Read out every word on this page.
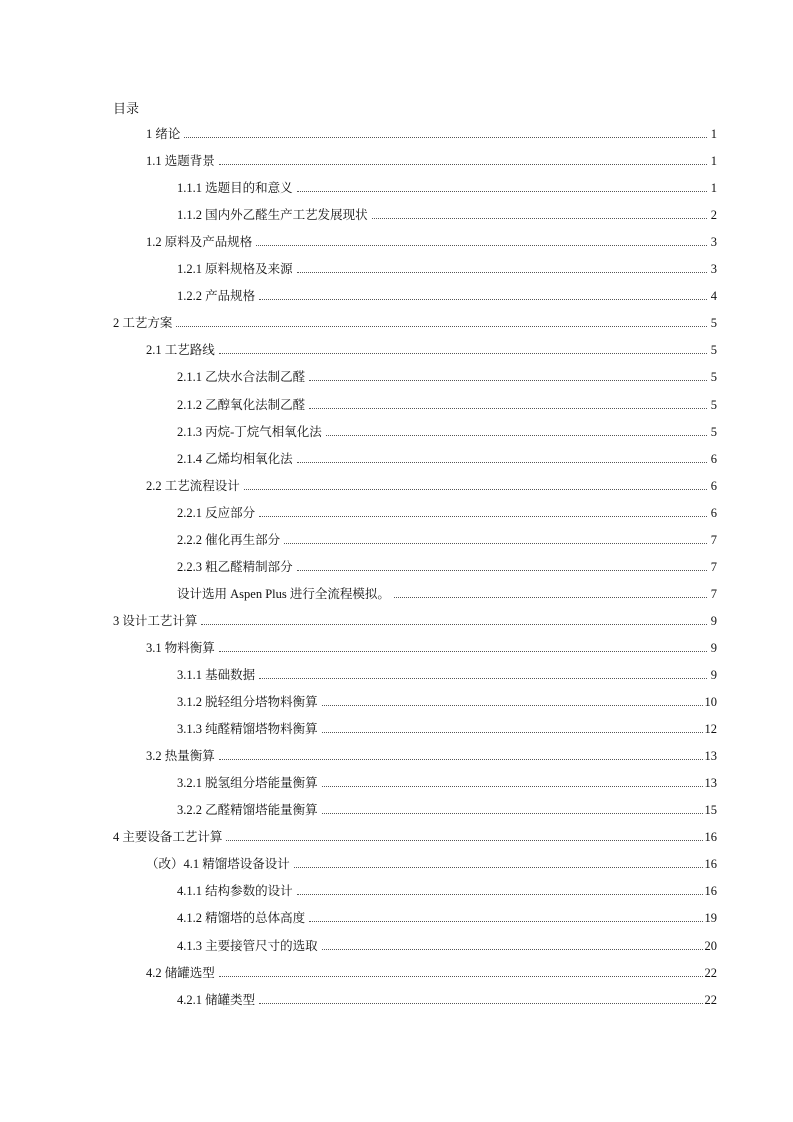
目录
1 绪论	1
1.1 选题背景	1
1.1.1 选题目的和意义	1
1.1.2 国内外乙醛生产工艺发展现状	2
1.2 原料及产品规格	3
1.2.1 原料规格及来源	3
1.2.2 产品规格	4
2 工艺方案	5
2.1 工艺路线	5
2.1.1 乙炔水合法制乙醛	5
2.1.2 乙醇氧化法制乙醛	5
2.1.3 丙烷-丁烷气相氧化法	5
2.1.4 乙烯均相氧化法	6
2.2 工艺流程设计	6
2.2.1 反应部分	6
2.2.2 催化再生部分	7
2.2.3 粗乙醛精制部分	7
设计选用 Aspen Plus 进行全流程模拟。	7
3 设计工艺计算	9
3.1 物料衡算	9
3.1.1 基础数据	9
3.1.2 脱轻组分塔物料衡算	10
3.1.3 纯醛精馏塔物料衡算	12
3.2 热量衡算	13
3.2.1 脱氢组分塔能量衡算	13
3.2.2 乙醛精馏塔能量衡算	15
4 主要设备工艺计算	16
（改）4.1 精馏塔设备设计	16
4.1.1 结构参数的设计	16
4.1.2 精馏塔的总体高度	19
4.1.3 主要接管尺寸的选取	20
4.2 储罐选型	22
4.2.1 储罐类型	22
